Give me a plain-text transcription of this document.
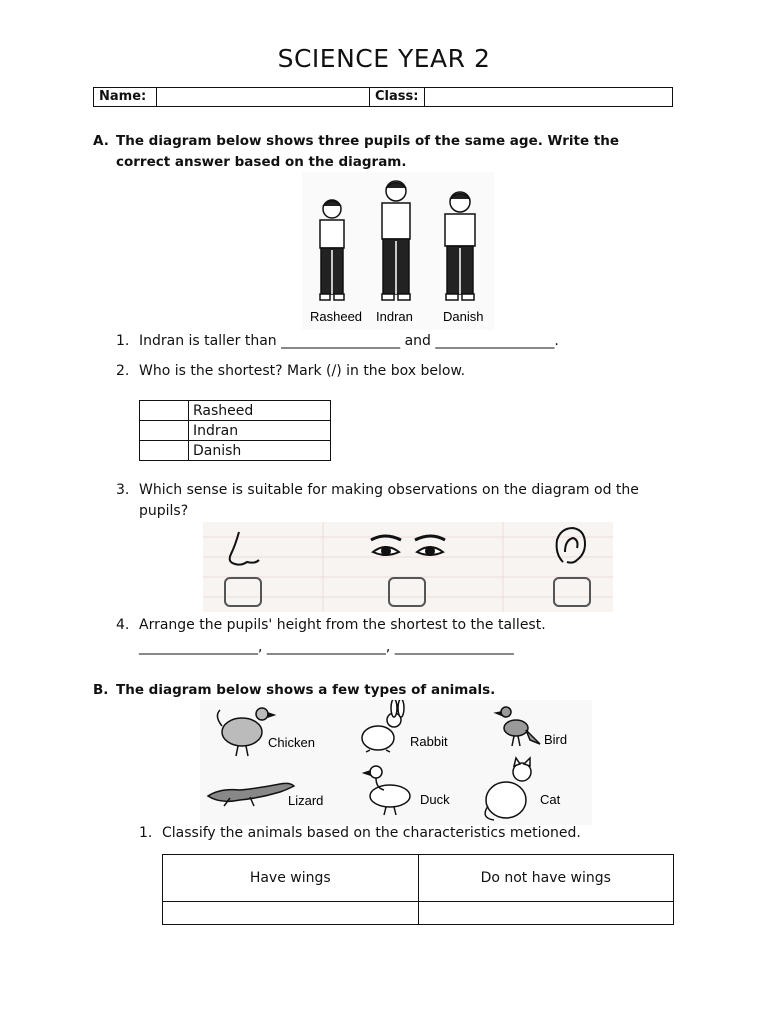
SCIENCE YEAR 2
Name:	Class:
A. The diagram below shows three pupils of the same age. Write the
correct answer based on the diagram.
Rasheed Indran Danish
1. Indran is taller than _________________ and _________________.
2. Who is the shortest? Mark (/) in the box below.
	Rasheed
	Indran
	Danish
3. Which sense is suitable for making observations on the diagram od the
pupils?
4. Arrange the pupils' height from the shortest to the tallest.
_________________, _________________, _________________
B. The diagram below shows a few types of animals.
Chicken	Rabbit	Bird
Lizard	Duck	Cat
1. Classify the animals based on the characteristics metioned.
Have wings	Do not have wings
